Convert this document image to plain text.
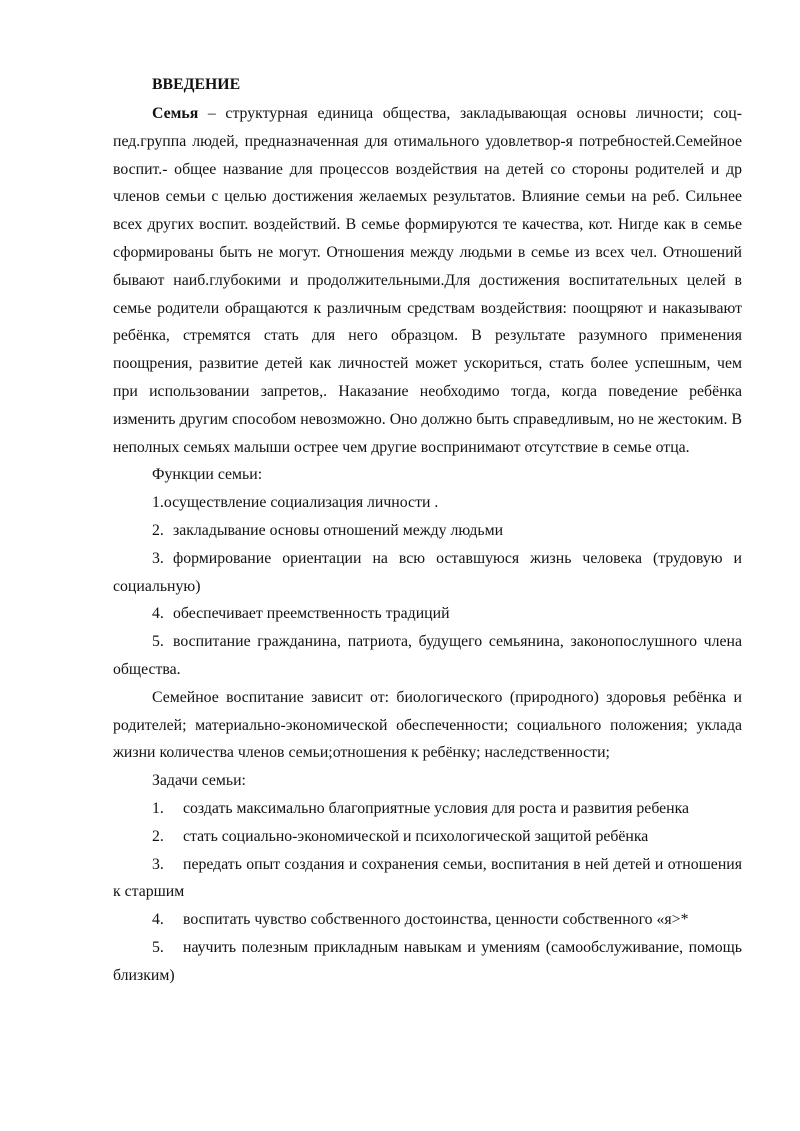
ВВЕДЕНИЕ

Семья – структурная единица общества, закладывающая основы личности; соц-пед.группа людей, предназначенная для отимального удовлетвор-я потребностей.Семейное воспит.- общее название для процессов воздействия на детей со стороны родителей и др членов семьи с целью достижения желаемых результатов. Влияние семьи на реб. Сильнее всех других воспит. воздействий. В семье формируются те качества, кот. Нигде как в семье сформированы быть не могут. Отношения между людьми в семье из всех чел. Отношений бывают наиб.глубокими и продолжительными.Для достижения воспитательных целей в семье родители обращаются к различным средствам воздействия: поощряют и наказывают ребёнка, стремятся стать для него образцом. В результате разумного применения поощрения, развитие детей как личностей может ускориться, стать более успешным, чем при использовании запретов,. Наказание необходимо тогда, когда поведение ребёнка изменить другим способом невозможно. Оно должно быть справедливым, но не жестоким. В неполных семьях малыши острее чем другие воспринимают отсутствие в семье отца.

Функции семьи:

1.осуществление социализация личности .

2. закладывание основы отношений между людьми

3. формирование ориентации на всю оставшуюся жизнь человека (трудовую и социальную)

4. обеспечивает преемственность традиций

5. воспитание гражданина, патриота, будущего семьянина, законопослушного члена общества.

Семейное воспитание зависит от: биологического (природного) здоровья ребёнка и родителей; материально-экономической обеспеченности; социального положения; уклада жизни количества членов семьи;отношения к ребёнку; наследственности;

Задачи семьи:

1. создать максимально благоприятные условия для роста и развития ребенка

2. стать социально-экономической и психологической защитой ребёнка

3. передать опыт создания и сохранения семьи, воспитания в ней детей и отношения к старшим

4. воспитать чувство собственного достоинства, ценности собственного «я>*

5. научить полезным прикладным навыкам и умениям (самообслуживание, помощь близким)
